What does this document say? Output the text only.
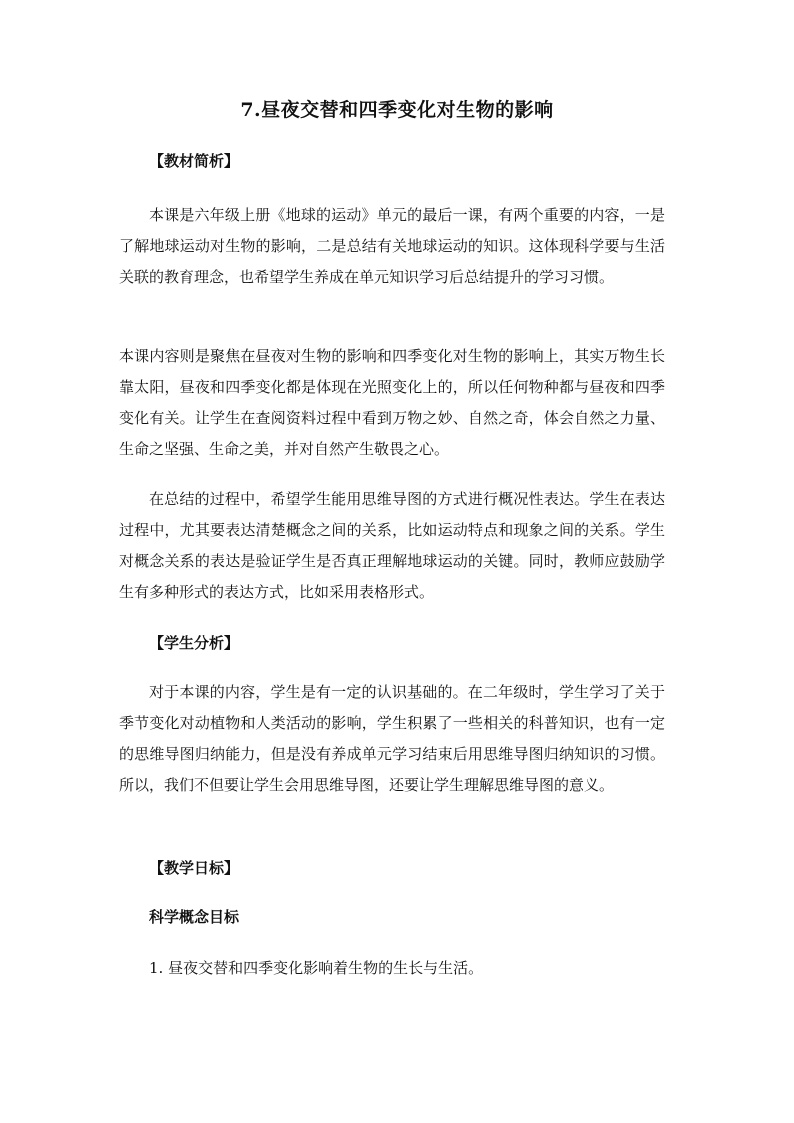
7.昼夜交替和四季变化对生物的影响

【教材简析】

本课是六年级上册《地球的运动》单元的最后一课，有两个重要的内容，一是了解地球运动对生物的影响，二是总结有关地球运动的知识。这体现科学要与生活关联的教育理念，也希望学生养成在单元知识学习后总结提升的学习习惯。

本课内容则是聚焦在昼夜对生物的影响和四季变化对生物的影响上，其实万物生长靠太阳，昼夜和四季变化都是体现在光照变化上的，所以任何物种都与昼夜和四季变化有关。让学生在查阅资料过程中看到万物之妙、自然之奇，体会自然之力量、生命之坚强、生命之美，并对自然产生敬畏之心。

在总结的过程中，希望学生能用思维导图的方式进行概况性表达。学生在表达过程中，尤其要表达清楚概念之间的关系，比如运动特点和现象之间的关系。学生对概念关系的表达是验证学生是否真正理解地球运动的关键。同时，教师应鼓励学生有多种形式的表达方式，比如采用表格形式。

【学生分析】

对于本课的内容，学生是有一定的认识基础的。在二年级时，学生学习了关于季节变化对动植物和人类活动的影响，学生积累了一些相关的科普知识，也有一定的思维导图归纳能力，但是没有养成单元学习结束后用思维导图归纳知识的习惯。所以，我们不但要让学生会用思维导图，还要让学生理解思维导图的意义。

【教学日标】

科学概念目标

1. 昼夜交替和四季变化影响着生物的生长与生活。
